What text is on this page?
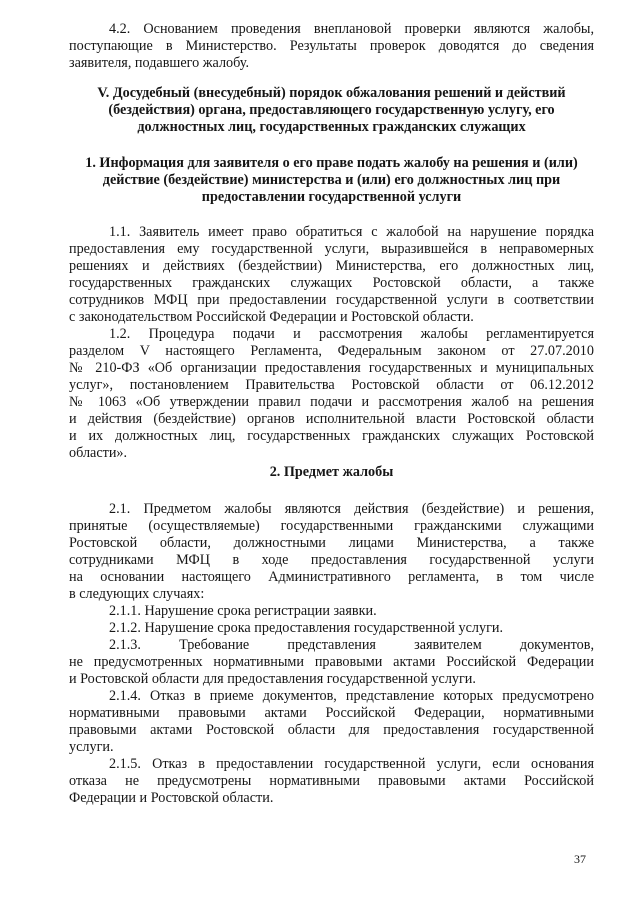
4.2. Основанием проведения внеплановой проверки являются жалобы,
поступающие в Министерство. Результаты проверок доводятся до сведения
заявителя, подавшего жалобу.
V. Досудебный (внесудебный) порядок обжалования решений и действий
(бездействия) органа, предоставляющего государственную услугу, его
должностных лиц, государственных гражданских служащих
1. Информация для заявителя о его праве подать жалобу на решения и (или)
действие (бездействие) министерства и (или) его должностных лиц при
предоставлении государственной услуги
1.1. Заявитель имеет право обратиться с жалобой на нарушение порядка
предоставления ему государственной услуги, выразившейся в неправомерных
решениях и действиях (бездействии) Министерства, его должностных лиц,
государственных гражданских служащих Ростовской области, а также
сотрудников МФЦ при предоставлении государственной услуги в соответствии
с законодательством Российской Федерации и Ростовской области.
1.2. Процедура подачи и рассмотрения жалобы регламентируется
разделом V настоящего Регламента, Федеральным законом от 27.07.2010
№ 210-ФЗ «Об организации предоставления государственных и муниципальных
услуг», постановлением Правительства Ростовской области от 06.12.2012
№ 1063 «Об утверждении правил подачи и рассмотрения жалоб на решения
и действия (бездействие) органов исполнительной власти Ростовской области
и их должностных лиц, государственных гражданских служащих Ростовской
области».
2. Предмет жалобы
2.1. Предметом жалобы являются действия (бездействие) и решения,
принятые (осуществляемые) государственными гражданскими служащими
Ростовской области, должностными лицами Министерства, а также
сотрудниками МФЦ в ходе предоставления государственной услуги
на основании настоящего Административного регламента, в том числе
в следующих случаях:
2.1.1. Нарушение срока регистрации заявки.
2.1.2. Нарушение срока предоставления государственной услуги.
2.1.3. Требование представления заявителем документов,
не предусмотренных нормативными правовыми актами Российской Федерации
и Ростовской области для предоставления государственной услуги.
2.1.4. Отказ в приеме документов, представление которых предусмотрено
нормативными правовыми актами Российской Федерации, нормативными
правовыми актами Ростовской области для предоставления государственной
услуги.
2.1.5. Отказ в предоставлении государственной услуги, если основания
отказа не предусмотрены нормативными правовыми актами Российской
Федерации и Ростовской области.
37
